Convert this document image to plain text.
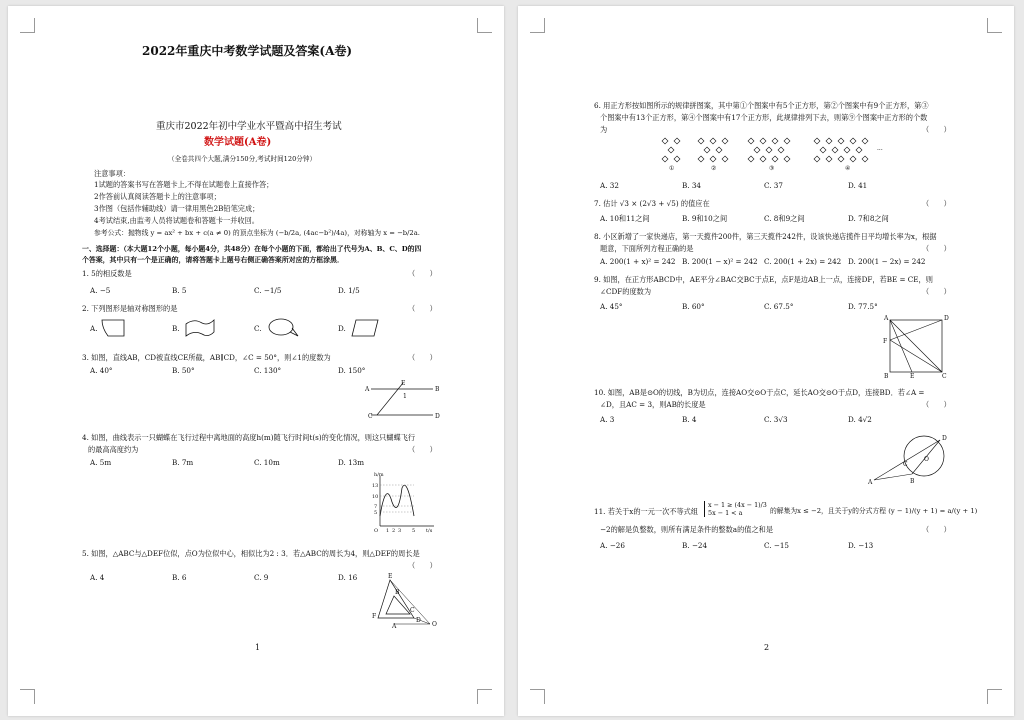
2022年重庆中考数学试题及答案(A卷)
重庆市2022年初中学业水平暨高中招生考试
数学试题(A卷)
（全卷共四个大题,满分150分,考试时间120分钟）
注意事项：
1试题的答案书写在答题卡上,不得在试题卷上直接作答；
2作答前认真阅读答题卡上的注意事项；
3作图（包括作辅助线）请一律用黑色2B铅笔完成；
4考试结束,由监考人员将试题卷和答题卡一并收回。
参考公式：抛物线 y = ax² + bx + c(a ≠ 0) 的顶点坐标为 (−b/2a, (4ac−b²)/4a)，对称轴为 x = −b/2a.
一、选择题：（本大题12个小题，每小题4分，共48分）在每个小题的下面，都给出了代号为A、B、C、D的四
个答案，其中只有一个是正确的，请将答题卡上题号右侧正确答案所对应的方框涂黑．
1. 5的相反数是	（　　）
A. −5	B. 5	C. −1/5	D. 1/5
2. 下列图形是轴对称图形的是	（　　）
A.	B.	C.	D.
3. 如图，直线AB，CD被直线CE所截，AB∥CD，∠C = 50°，则∠1的度数为	（　　）
A. 40°	B. 50°	C. 130°	D. 150°
A
E
B
1
C	D
4. 如图，曲线表示一只蝴蝶在飞行过程中离地面的高度h(m)随飞行时间t(s)的变化情况，则这只蝴蝶飞行
的最高高度约为	（　　）
A. 5m	B. 7m	C. 10m	D. 13m
h/m
13
10
7
5
O 1 2 3 5 t/s
5. 如图，△ABC与△DEF位似，点O为位似中心，相似比为2 : 3．若△ABC的周长为4，则△DEF的周长是
（　　）
A. 4	B. 6	C. 9	D. 16	E
B
F
C
O
A
D
1
6. 用正方形按如图所示的规律拼图案，其中第①个图案中有5个正方形，第②个图案中有9个正方形，第③
个图案中有13个正方形，第④个图案中有17个正方形，此规律排列下去，则第⑨个图案中正方形的个数
为	（　　）
①	②	③	④
···
A. 32	B. 34	C. 37	D. 41
7. 估计 √3 × (2√3 + √5) 的值应在	（　　）
A. 10和11之间	B. 9和10之间	C. 8和9之间	D. 7和8之间
8. 小区新增了一家快递店，第一天揽件200件，第三天揽件242件，设该快递店揽件日平均增长率为x，根据
题意，下面所列方程正确的是	（　　）
A. 200(1 + x)² = 242 B. 200(1 − x)² = 242 C. 200(1 + 2x) = 242 D. 200(1 − 2x) = 242
9. 如图，在正方形ABCD中，AE平分∠BAC交BC于点E，点F是边AB上一点，连接DF，若BE = CE，则
∠CDF的度数为	（　　）
A. 45°	B. 60°	C. 67.5°	D. 77.5°
A	D
F
B	E	C
10. 如图，AB是⊙O的切线，B为切点，连接AO交⊙O于点C，延长AO交⊙O于点D，连接BD．若∠A =
∠D，且AC = 3，则AB的长度是	（　　）
A. 3	B. 4	C. 3√3	D. 4√2
D
O
C
A	B
11. 若关于x的一元一次不等式组
x − 1 ≥ (4x − 1)/3
5x − 1 < a	的解集为x ≤ −2，且关于y的分式方程 (y − 1)/(y + 1) = a/(y + 1)
−2的解是负整数，则所有满足条件的整数a的值之和是	（　　）
A. −26	B. −24	C. −15	D. −13
2
